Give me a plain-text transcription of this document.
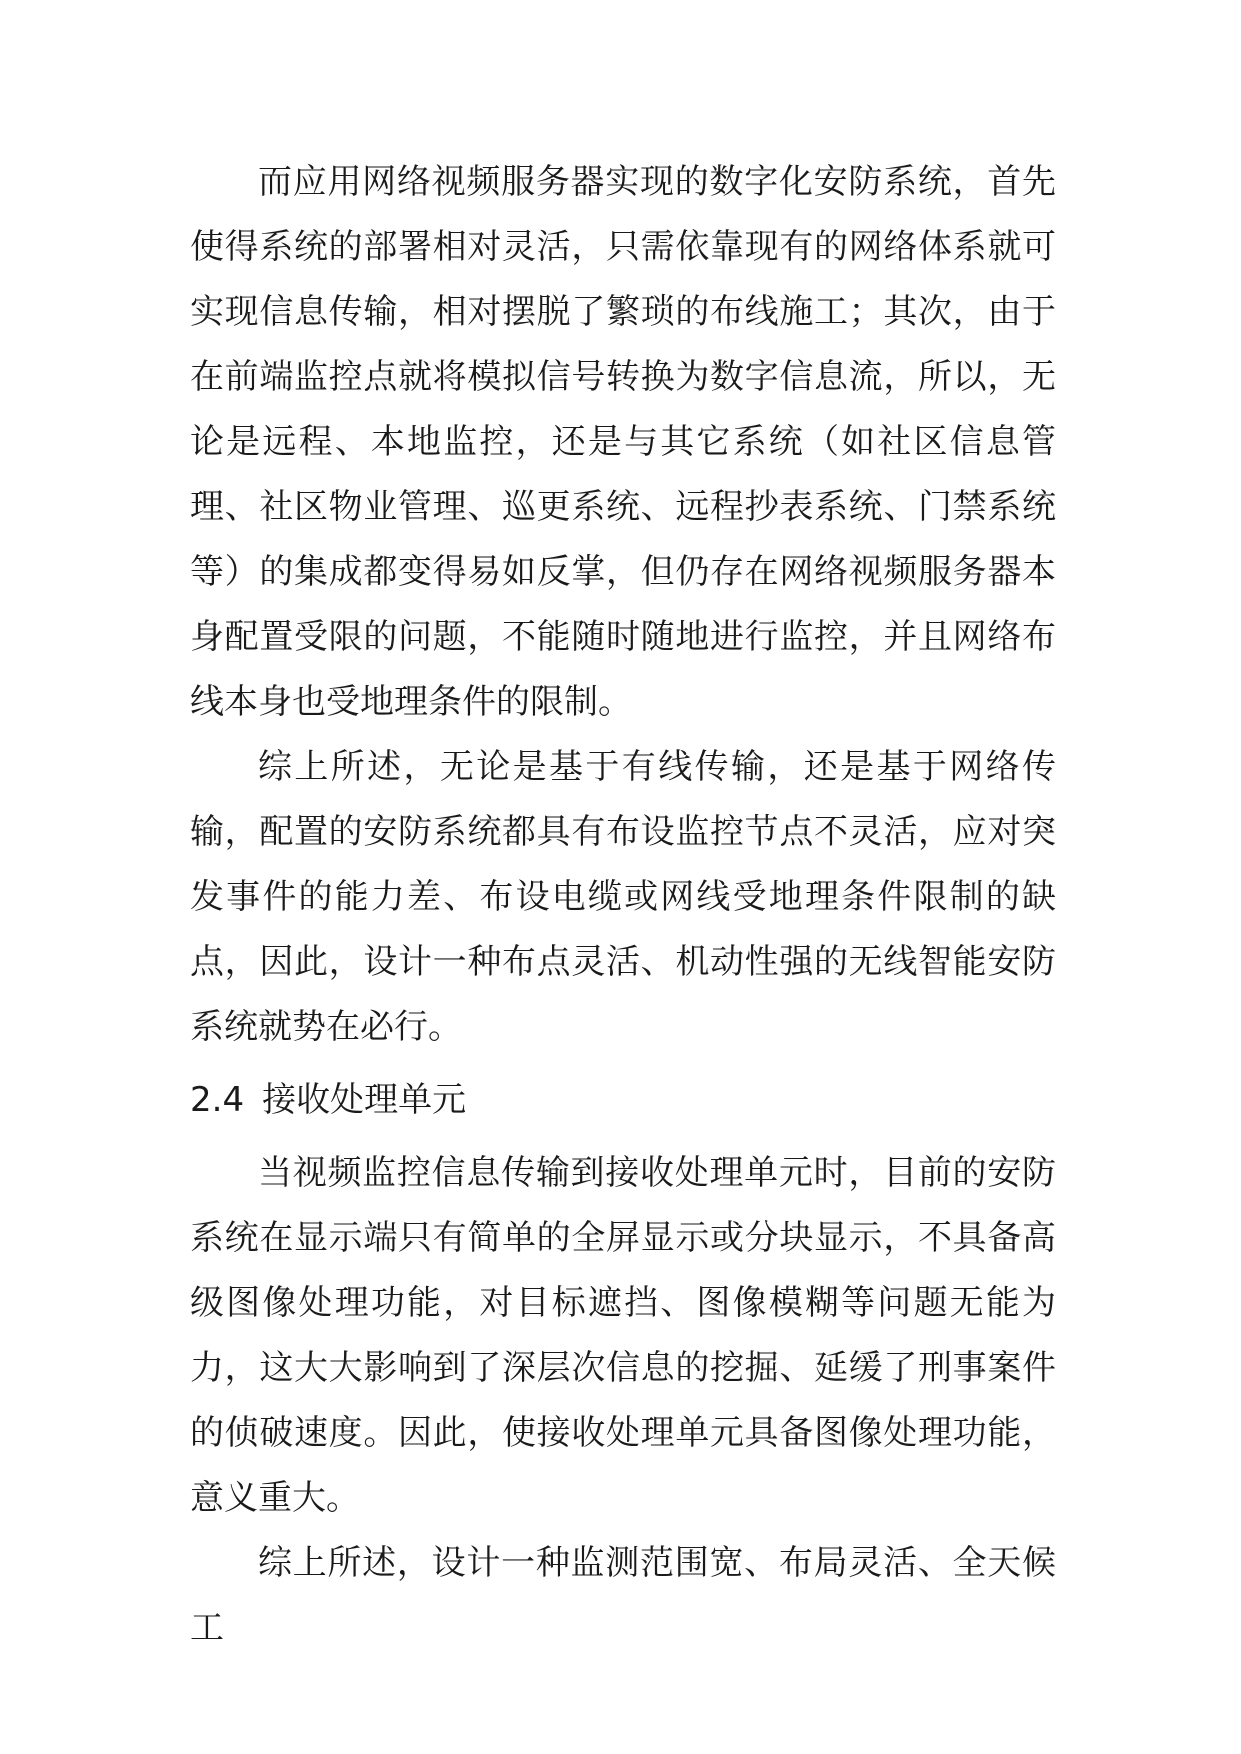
而应用网络视频服务器实现的数字化安防系统，首先使得系统的部署相对灵活，只需依靠现有的网络体系就可实现信息传输，相对摆脱了繁琐的布线施工；其次，由于在前端监控点就将模拟信号转换为数字信息流，所以，无论是远程、本地监控，还是与其它系统（如社区信息管理、社区物业管理、巡更系统、远程抄表系统、门禁系统等）的集成都变得易如反掌，但仍存在网络视频服务器本身配置受限的问题，不能随时随地进行监控，并且网络布线本身也受地理条件的限制。

综上所述，无论是基于有线传输，还是基于网络传输，配置的安防系统都具有布设监控节点不灵活，应对突发事件的能力差、布设电缆或网线受地理条件限制的缺点，因此，设计一种布点灵活、机动性强的无线智能安防系统就势在必行。

2.4 接收处理单元

当视频监控信息传输到接收处理单元时，目前的安防系统在显示端只有简单的全屏显示或分块显示，不具备高级图像处理功能，对目标遮挡、图像模糊等问题无能为力，这大大影响到了深层次信息的挖掘、延缓了刑事案件的侦破速度。因此，使接收处理单元具备图像处理功能，意义重大。

综上所述，设计一种监测范围宽、布局灵活、全天候工
